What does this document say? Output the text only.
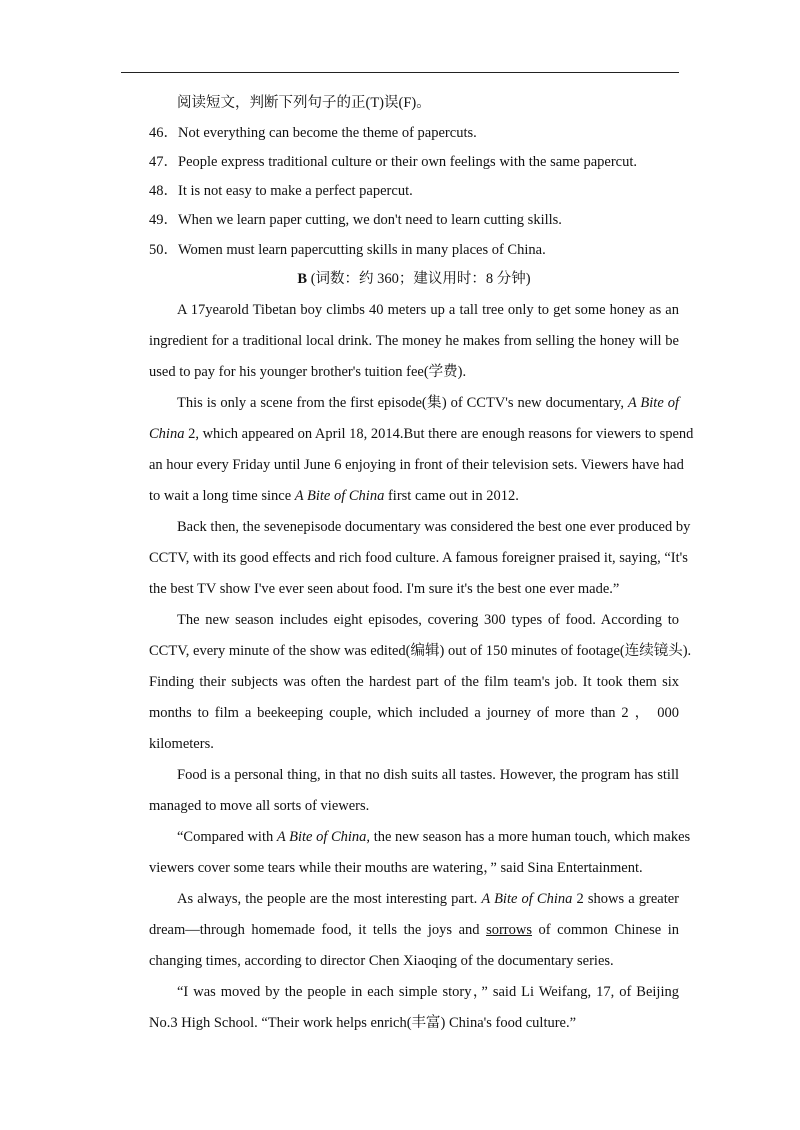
阅读短文，判断下列句子的正(T)误(F)。
46．Not everything can become the theme of papercuts.
47．People express traditional culture or their own feelings with the same papercut.
48．It is not easy to make a perfect papercut.
49．When we learn paper cutting, we don't need to learn cutting skills.
50．Women must learn papercutting skills in many places of China.
B (词数：约 360；建议用时：8 分钟)
A 17yearold Tibetan boy climbs 40 meters up a tall tree only to get some honey as an
ingredient for a traditional local drink. The money he makes from selling the honey will be
used to pay for his younger brother's tuition fee(学费).
This is only a scene from the first episode(集) of CCTV's new documentary, A Bite of
China 2, which appeared on April 18, 2014.But there are enough reasons for viewers to spend
an hour every Friday until June 6 enjoying in front of their television sets. Viewers have had
to wait a long time since A Bite of China first came out in 2012.
Back then, the sevenepisode documentary was considered the best one ever produced by
CCTV, with its good effects and rich food culture. A famous foreigner praised it, saying, “It's
the best TV show I've ever seen about food. I'm sure it's the best one ever made.”
The new season includes eight episodes, covering 300 types of food. According to
CCTV, every minute of the show was edited(编辑) out of 150 minutes of footage(连续镜头).
Finding their subjects was often the hardest part of the film team's job. It took them six
months to film a beekeeping couple, which included a journey of more than 2 ， 000
kilometers.
Food is a personal thing, in that no dish suits all tastes. However, the program has still
managed to move all sorts of viewers.
“Compared with A Bite of China, the new season has a more human touch, which makes
viewers cover some tears while their mouths are watering，” said Sina Entertainment.
As always, the people are the most interesting part. A Bite of China 2 shows a greater
dream—through homemade food, it tells the joys and sorrows of common Chinese in
changing times, according to director Chen Xiaoqing of the documentary series.
“I was moved by the people in each simple story，” said Li Weifang, 17, of Beijing
No.3 High School. “Their work helps enrich(丰富) China's food culture.”
